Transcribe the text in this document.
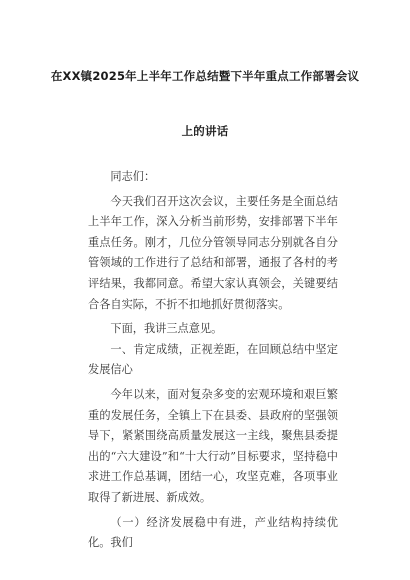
在XX镇2025年上半年工作总结暨下半年重点工作部署会议
上的讲话

同志们：

今天我们召开这次会议，主要任务是全面总结上半年工作，深入分析当前形势，安排部署下半年重点任务。刚才，几位分管领导同志分别就各自分管领域的工作进行了总结和部署，通报了各村的考评结果，我都同意。希望大家认真领会，关键要结合各自实际，不折不扣地抓好贯彻落实。

下面，我讲三点意见。

一、肯定成绩，正视差距，在回顾总结中坚定发展信心

今年以来，面对复杂多变的宏观环境和艰巨繁重的发展任务，全镇上下在县委、县政府的坚强领导下，紧紧围绕高质量发展这一主线，聚焦县委提出的“六大建设”和“十大行动”目标要求，坚持稳中求进工作总基调，团结一心，攻坚克难，各项事业取得了新进展、新成效。

（一）经济发展稳中有进，产业结构持续优化。我们
